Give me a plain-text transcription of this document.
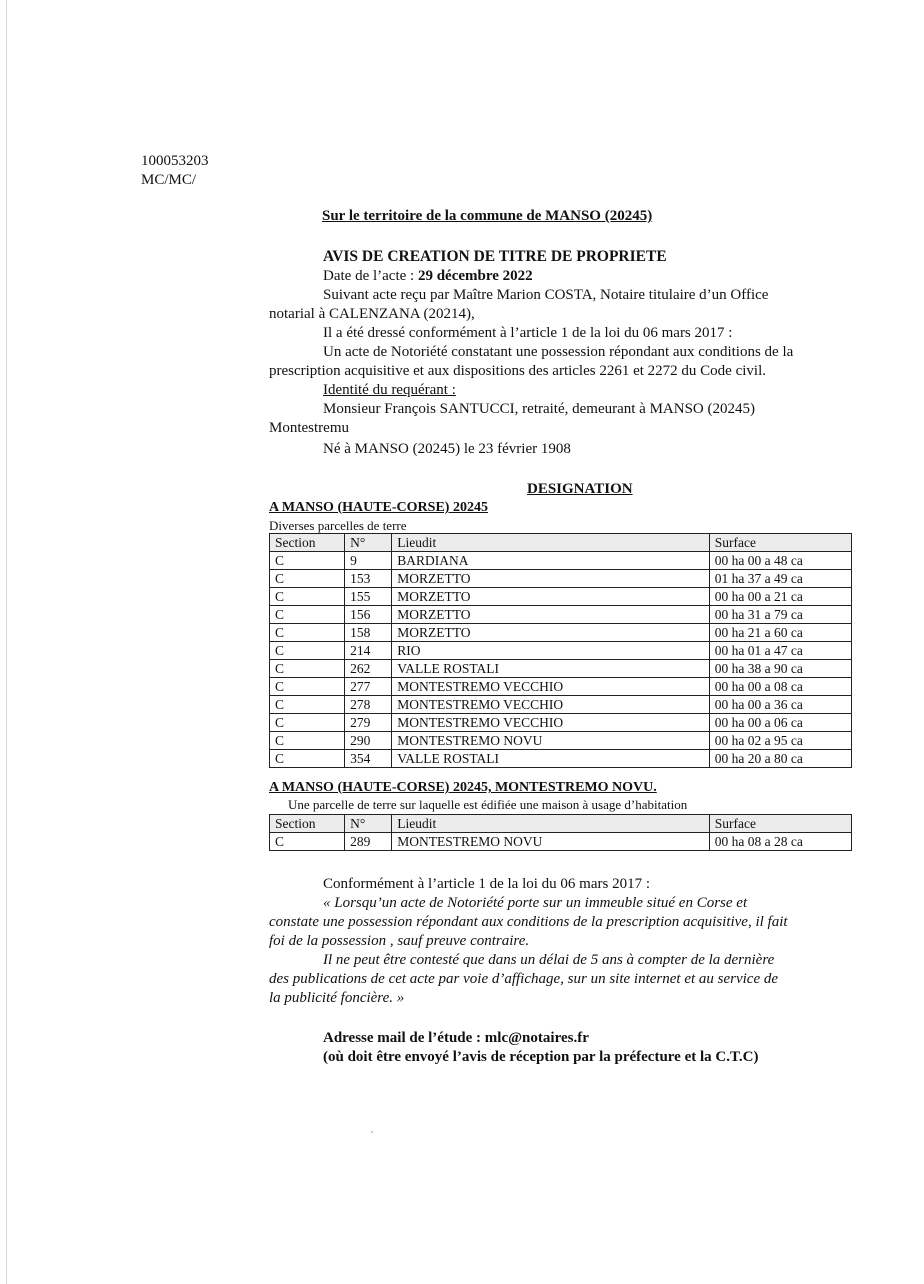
100053203
MC/MC/
Sur le territoire de la commune de MANSO (20245)
AVIS DE CREATION DE TITRE DE PROPRIETE
Date de l’acte : 29 décembre 2022
Suivant acte reçu par Maître Marion COSTA, Notaire titulaire d’un Office
notarial à CALENZANA (20214),
Il a été dressé conformément à l’article 1 de la loi du 06 mars 2017 :
Un acte de Notoriété constatant une possession répondant aux conditions de la
prescription acquisitive et aux dispositions des articles 2261 et 2272 du Code civil.
Identité du requérant :
Monsieur François SANTUCCI, retraité, demeurant à MANSO (20245)
Montestremu
Né à MANSO (20245) le 23 février 1908
DESIGNATION
A MANSO (HAUTE-CORSE) 20245
Diverses parcelles de terre
Section	N°	Lieudit	Surface
C	9	BARDIANA	00 ha 00 a 48 ca
C	153	MORZETTO	01 ha 37 a 49 ca
C	155	MORZETTO	00 ha 00 a 21 ca
C	156	MORZETTO	00 ha 31 a 79 ca
C	158	MORZETTO	00 ha 21 a 60 ca
C	214	RIO	00 ha 01 a 47 ca
C	262	VALLE ROSTALI	00 ha 38 a 90 ca
C	277	MONTESTREMO VECCHIO	00 ha 00 a 08 ca
C	278	MONTESTREMO VECCHIO	00 ha 00 a 36 ca
C	279	MONTESTREMO VECCHIO	00 ha 00 a 06 ca
C	290	MONTESTREMO NOVU	00 ha 02 a 95 ca
C	354	VALLE ROSTALI	00 ha 20 a 80 ca
A MANSO (HAUTE-CORSE) 20245, MONTESTREMO NOVU.
Une parcelle de terre sur laquelle est édifiée une maison à usage d’habitation
Section	N°	Lieudit	Surface
C	289	MONTESTREMO NOVU	00 ha 08 a 28 ca
Conformément à l’article 1 de la loi du 06 mars 2017 :
« Lorsqu’un acte de Notoriété porte sur un immeuble situé en Corse et
constate une possession répondant aux conditions de la prescription acquisitive, il fait
foi de la possession , sauf preuve contraire.
Il ne peut être contesté que dans un délai de 5 ans à compter de la dernière
des publications de cet acte par voie d’affichage, sur un site internet et au service de
la publicité foncière. »
Adresse mail de l’étude : mlc@notaires.fr
(où doit être envoyé l’avis de réception par la préfecture et la C.T.C)
